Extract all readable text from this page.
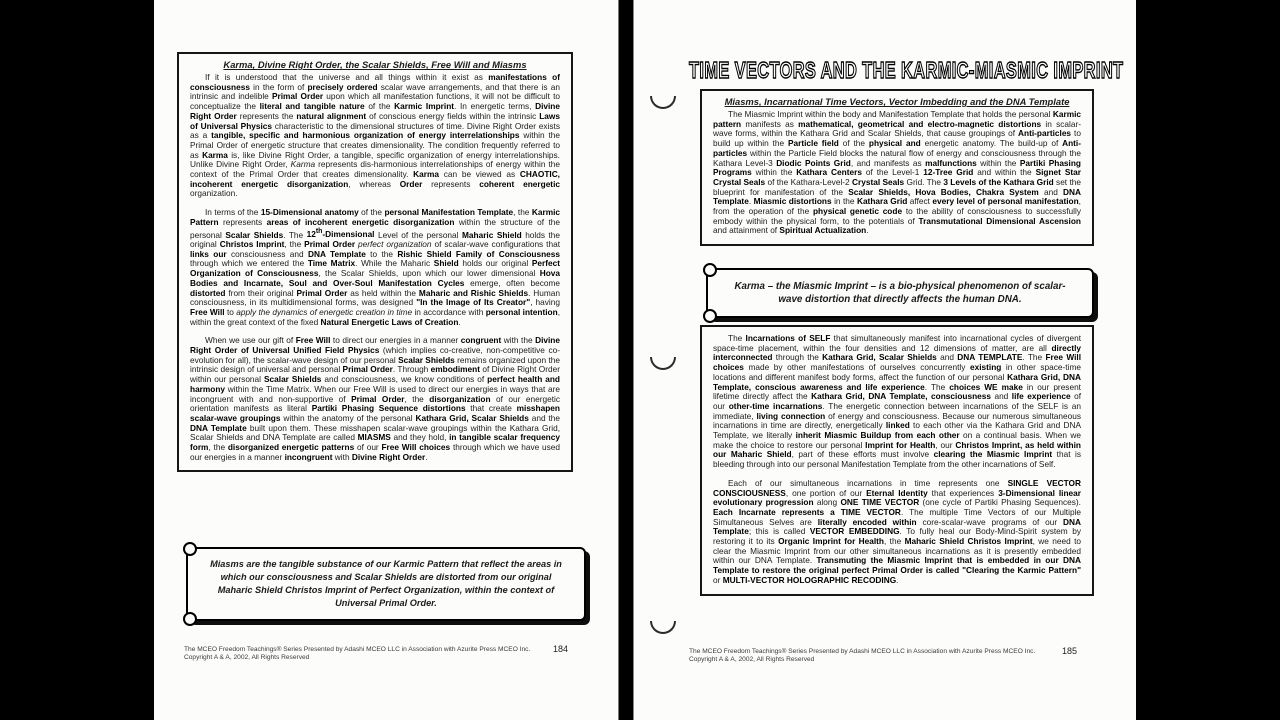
Karma, Divine Right Order, the Scalar Shields, Free Will and Miasms

If it is understood that the universe and all things within it exist as manifestations of consciousness in the form of precisely ordered scalar wave arrangements, and that there is an intrinsic and indelible Primal Order upon which all manifestation functions, it will not be difficult to conceptualize the literal and tangible nature of the Karmic Imprint. In energetic terms, Divine Right Order represents the natural alignment of conscious energy fields within the intrinsic Laws of Universal Physics characteristic to the dimensional structures of time. Divine Right Order exists as a tangible, specific and harmonious organization of energy interrelationships within the Primal Order of energetic structure that creates dimensionality. The condition frequently referred to as Karma is, like Divine Right Order, a tangible, specific organization of energy interrelationships. Unlike Divine Right Order, Karma represents dis-harmonious interrelationships of energy within the context of the Primal Order that creates dimensionality. Karma can be viewed as CHAOTIC, incoherent energetic disorganization, whereas Order represents coherent energetic organization.

In terms of the 15-Dimensional anatomy of the personal Manifestation Template, the Karmic Pattern represents areas of incoherent energetic disorganization within the structure of the personal Scalar Shields. The 12th-Dimensional Level of the personal Maharic Shield holds the original Christos Imprint, the Primal Order perfect organization of scalar-wave configurations that links our consciousness and DNA Template to the Rishic Shield Family of Consciousness through which we entered the Time Matrix. While the Maharic Shield holds our original Perfect Organization of Consciousness, the Scalar Shields, upon which our lower dimensional Hova Bodies and Incarnate, Soul and Over-Soul Manifestation Cycles emerge, often become distorted from their original Primal Order as held within the Maharic and Rishic Shields. Human consciousness, in its multidimensional forms, was designed "In the Image of Its Creator", having Free Will to apply the dynamics of energetic creation in time in accordance with personal intention, within the great context of the fixed Natural Energetic Laws of Creation.

When we use our gift of Free Will to direct our energies in a manner congruent with the Divine Right Order of Universal Unified Field Physics (which implies co-creative, non-competitive co-evolution for all), the scalar-wave design of our personal Scalar Shields remains organized upon the intrinsic design of universal and personal Primal Order. Through embodiment of Divine Right Order within our personal Scalar Shields and consciousness, we know conditions of perfect health and harmony within the Time Matrix. When our Free Will is used to direct our energies in ways that are incongruent with and non-supportive of Primal Order, the disorganization of our energetic orientation manifests as literal Partiki Phasing Sequence distortions that create misshapen scalar-wave groupings within the anatomy of the personal Kathara Grid, Scalar Shields and the DNA Template built upon them. These misshapen scalar-wave groupings within the Kathara Grid, Scalar Shields and DNA Template are called MIASMS and they hold, in tangible scalar frequency form, the disorganized energetic patterns of our Free Will choices through which we have used our energies in a manner incongruent with Divine Right Order.

Miasms are the tangible substance of our Karmic Pattern that reflect the areas in which our consciousness and Scalar Shields are distorted from our original Maharic Shield Christos Imprint of Perfect Organization, within the context of Universal Primal Order.
The MCEO Freedom Teachings® Series Presented by Adashi MCEO LLC in Association with Azurite Press MCEO Inc.
Copyright A & A, 2002, All Rights Reserved
184
TIME VECTORS AND THE KARMIC-MIASMIC IMPRINT
Miasms, Incarnational Time Vectors, Vector Imbedding and the DNA Template

The Miasmic Imprint within the body and Manifestation Template that holds the personal Karmic pattern manifests as mathematical, geometrical and electro-magnetic distortions in scalar-wave forms, within the Kathara Grid and Scalar Shields, that cause groupings of Anti-particles to build up within the Particle field of the physical and energetic anatomy. The build-up of Anti-particles within the Particle Field blocks the natural flow of energy and consciousness through the Kathara Level-3 Diodic Points Grid, and manifests as malfunctions within the Partiki Phasing Programs within the Kathara Centers of the Level-1 12-Tree Grid and within the Signet Star Crystal Seals of the Kathara-Level-2 Crystal Seals Grid. The 3 Levels of the Kathara Grid set the blueprint for manifestation of the Scalar Shields, Hova Bodies, Chakra System and DNA Template. Miasmic distortions in the Kathara Grid affect every level of personal manifestation, from the operation of the physical genetic code to the ability of consciousness to successfully embody within the physical form, to the potentials of Transmutational Dimensional Ascension and attainment of Spiritual Actualization.

Karma – the Miasmic Imprint – is a bio-physical phenomenon of scalar-wave distortion that directly affects the human DNA.

The Incarnations of SELF that simultaneously manifest into incarnational cycles of divergent space-time placement, within the four densities and 12 dimensions of matter, are all directly interconnected through the Kathara Grid, Scalar Shields and DNA TEMPLATE. The Free Will choices made by other manifestations of ourselves concurrently existing in other space-time locations and different manifest body forms, affect the function of our personal Kathara Grid, DNA Template, conscious awareness and life experience. The choices WE make in our present lifetime directly affect the Kathara Grid, DNA Template, consciousness and life experience of our other-time incarnations. The energetic connection between incarnations of the SELF is an immediate, living connection of energy and consciousness. Because our numerous simultaneous incarnations in time are directly, energetically linked to each other via the Kathara Grid and DNA Template, we literally inherit Miasmic Buildup from each other on a continual basis. When we make the choice to restore our personal Imprint for Health, our Christos Imprint, as held within our Maharic Shield, part of these efforts must involve clearing the Miasmic Imprint that is bleeding through into our personal Manifestation Template from the other incarnations of Self.

Each of our simultaneous incarnations in time represents one SINGLE VECTOR CONSCIOUSNESS, one portion of our Eternal Identity that experiences 3-Dimensional linear evolutionary progression along ONE TIME VECTOR (one cycle of Partiki Phasing Sequences). Each Incarnate represents a TIME VECTOR. The multiple Time Vectors of our Multiple Simultaneous Selves are literally encoded within core-scalar-wave programs of our DNA Template; this is called VECTOR EMBEDDING. To fully heal our Body-Mind-Spirit system by restoring it to its Organic Imprint for Health, the Maharic Shield Christos Imprint, we need to clear the Miasmic Imprint from our other simultaneous incarnations as it is presently embedded within our DNA Template. Transmuting the Miasmic Imprint that is embedded in our DNA Template to restore the original perfect Primal Order is called "Clearing the Karmic Pattern" or MULTI-VECTOR HOLOGRAPHIC RECODING.

The MCEO Freedom Teachings® Series Presented by Adashi MCEO LLC in Association with Azurite Press MCEO Inc.
Copyright A & A, 2002, All Rights Reserved
185
